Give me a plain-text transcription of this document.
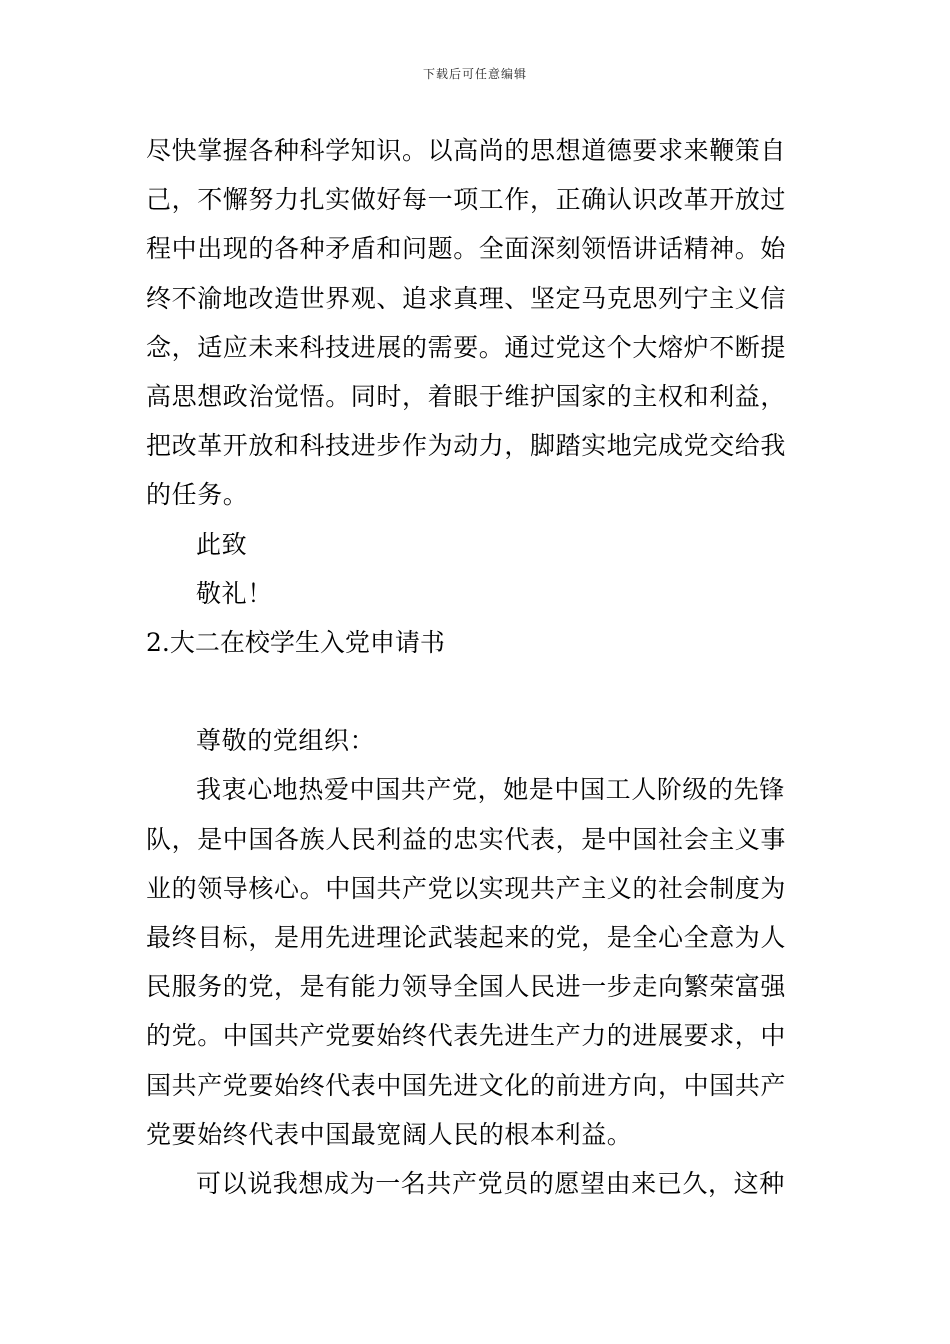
下载后可任意编辑
尽快掌握各种科学知识。以高尚的思想道德要求来鞭策自
己，不懈努力扎实做好每一项工作，正确认识改革开放过
程中出现的各种矛盾和问题。全面深刻领悟讲话精神。始
终不渝地改造世界观、追求真理、坚定马克思列宁主义信
念，适应未来科技进展的需要。通过党这个大熔炉不断提
高思想政治觉悟。同时，着眼于维护国家的主权和利益，
把改革开放和科技进步作为动力，脚踏实地完成党交给我
的任务。
此致
敬礼！
2.大二在校学生入党申请书
尊敬的党组织：
我衷心地热爱中国共产党，她是中国工人阶级的先锋
队，是中国各族人民利益的忠实代表，是中国社会主义事
业的领导核心。中国共产党以实现共产主义的社会制度为
最终目标，是用先进理论武装起来的党，是全心全意为人
民服务的党，是有能力领导全国人民进一步走向繁荣富强
的党。中国共产党要始终代表先进生产力的进展要求，中
国共产党要始终代表中国先进文化的前进方向，中国共产
党要始终代表中国最宽阔人民的根本利益。
可以说我想成为一名共产党员的愿望由来已久，这种
